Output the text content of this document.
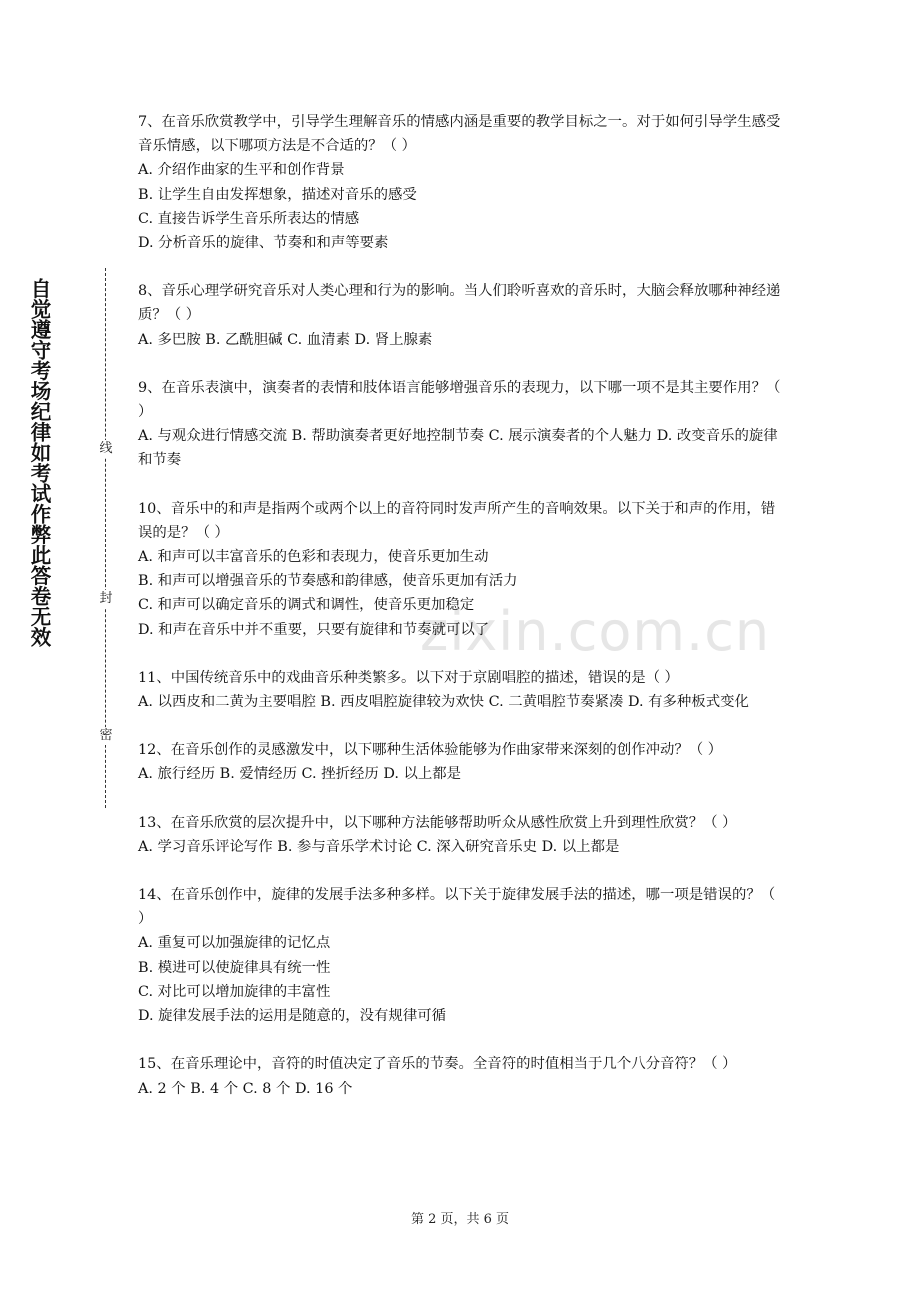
自觉遵守考场纪律如考试作弊此答卷无效	线
封
密
zixin.com.cn

7、在音乐欣赏教学中，引导学生理解音乐的情感内涵是重要的教学目标之一。对于如何引导学生感受音乐情感，以下哪项方法是不合适的？（ ）

A. 介绍作曲家的生平和创作背景

B. 让学生自由发挥想象，描述对音乐的感受

C. 直接告诉学生音乐所表达的情感

D. 分析音乐的旋律、节奏和和声等要素

8、音乐心理学研究音乐对人类心理和行为的影响。当人们聆听喜欢的音乐时，大脑会释放哪种神经递质？（ ）

A. 多巴胺 B. 乙酰胆碱 C. 血清素 D. 肾上腺素

9、在音乐表演中，演奏者的表情和肢体语言能够增强音乐的表现力，以下哪一项不是其主要作用？（ ）

A. 与观众进行情感交流 B. 帮助演奏者更好地控制节奏 C. 展示演奏者的个人魅力 D. 改变音乐的旋律和节奏

10、音乐中的和声是指两个或两个以上的音符同时发声所产生的音响效果。以下关于和声的作用，错误的是？（ ）

A. 和声可以丰富音乐的色彩和表现力，使音乐更加生动

B. 和声可以增强音乐的节奏感和韵律感，使音乐更加有活力

C. 和声可以确定音乐的调式和调性，使音乐更加稳定

D. 和声在音乐中并不重要，只要有旋律和节奏就可以了

11、中国传统音乐中的戏曲音乐种类繁多。以下对于京剧唱腔的描述，错误的是（ ）

A. 以西皮和二黄为主要唱腔 B. 西皮唱腔旋律较为欢快 C. 二黄唱腔节奏紧凑 D. 有多种板式变化

12、在音乐创作的灵感激发中，以下哪种生活体验能够为作曲家带来深刻的创作冲动？（ ）

A. 旅行经历 B. 爱情经历 C. 挫折经历 D. 以上都是

13、在音乐欣赏的层次提升中，以下哪种方法能够帮助听众从感性欣赏上升到理性欣赏？（ ）

A. 学习音乐评论写作 B. 参与音乐学术讨论 C. 深入研究音乐史 D. 以上都是

14、在音乐创作中，旋律的发展手法多种多样。以下关于旋律发展手法的描述，哪一项是错误的？（ ）

A. 重复可以加强旋律的记忆点

B. 模进可以使旋律具有统一性

C. 对比可以增加旋律的丰富性

D. 旋律发展手法的运用是随意的，没有规律可循

15、在音乐理论中，音符的时值决定了音乐的节奏。全音符的时值相当于几个八分音符？（ ）

A. 2 个 B. 4 个 C. 8 个 D. 16 个

第 2 页，共 6 页
